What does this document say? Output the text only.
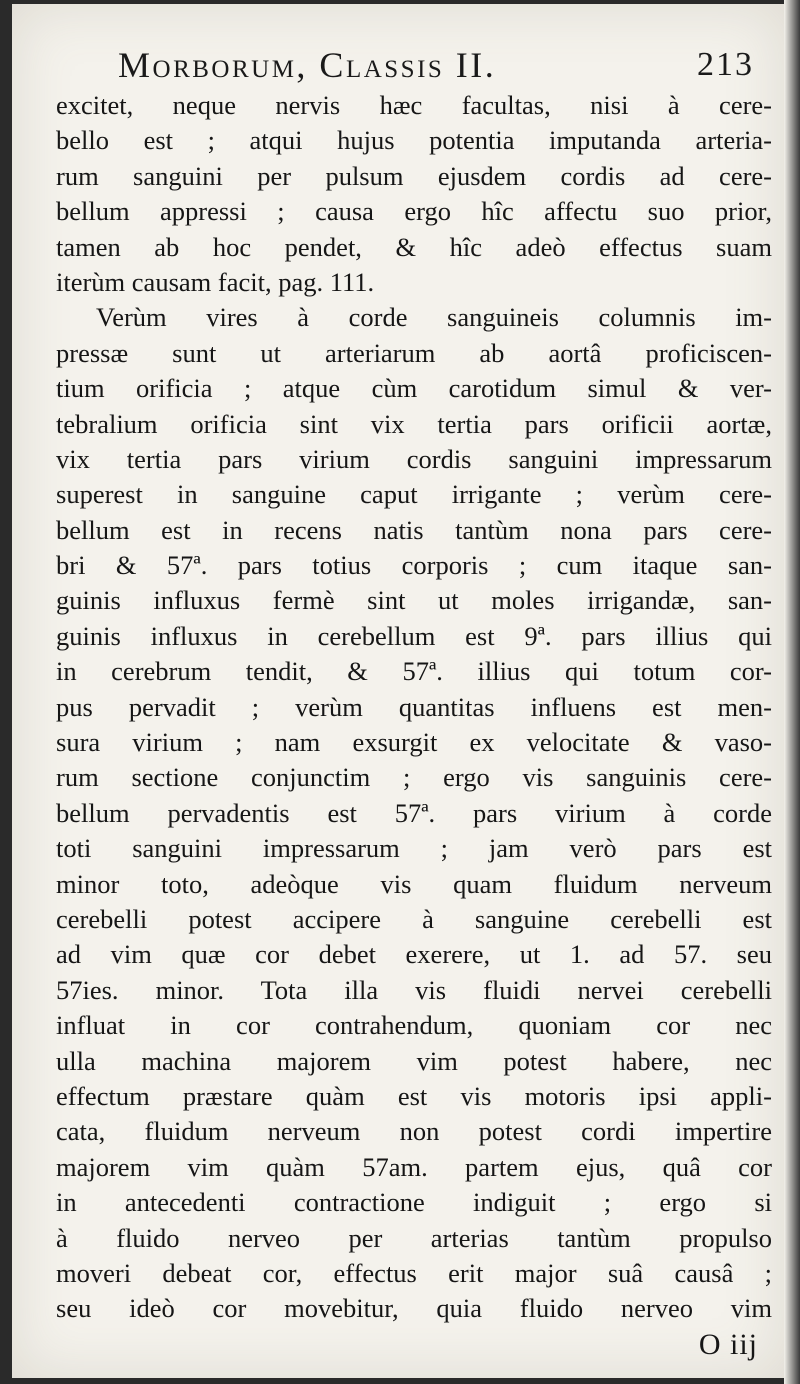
Morborum, Classis II.	213
excitet, neque nervis hæc facultas, nisi à cere-
bello est ; atqui hujus potentia imputanda arteria-
rum sanguini per pulsum ejusdem cordis ad cere-
bellum appressi ; causa ergo hîc affectu suo prior,
tamen ab hoc pendet, & hîc adeò effectus suam
iterùm causam facit, pag. 111.
Verùm vires à corde sanguineis columnis im-
pressæ sunt ut arteriarum ab aortâ proficiscen-
tium orificia ; atque cùm carotidum simul & ver-
tebralium orificia sint vix tertia pars orificii aortæ,
vix tertia pars virium cordis sanguini impressarum
superest in sanguine caput irrigante ; verùm cere-
bellum est in recens natis tantùm nona pars cere-
bri & 57ª. pars totius corporis ; cum itaque san-
guinis influxus fermè sint ut moles irrigandæ, san-
guinis influxus in cerebellum est 9ª. pars illius qui
in cerebrum tendit, & 57ª. illius qui totum cor-
pus pervadit ; verùm quantitas influens est men-
sura virium ; nam exsurgit ex velocitate & vaso-
rum sectione conjunctim ; ergo vis sanguinis cere-
bellum pervadentis est 57ª. pars virium à corde
toti sanguini impressarum ; jam verò pars est
minor toto, adeòque vis quam fluidum nerveum
cerebelli potest accipere à sanguine cerebelli est
ad vim quæ cor debet exerere, ut 1. ad 57. seu
57ies. minor. Tota illa vis fluidi nervei cerebelli
influat in cor contrahendum, quoniam cor nec
ulla machina majorem vim potest habere, nec
effectum præstare quàm est vis motoris ipsi appli-
cata, fluidum nerveum non potest cordi impertire
majorem vim quàm 57am. partem ejus, quâ cor
in antecedenti contractione indiguit ; ergo si
à fluido nerveo per arterias tantùm propulso
moveri debeat cor, effectus erit major suâ causâ ;
seu ideò cor movebitur, quia fluido nerveo vim
O iij
